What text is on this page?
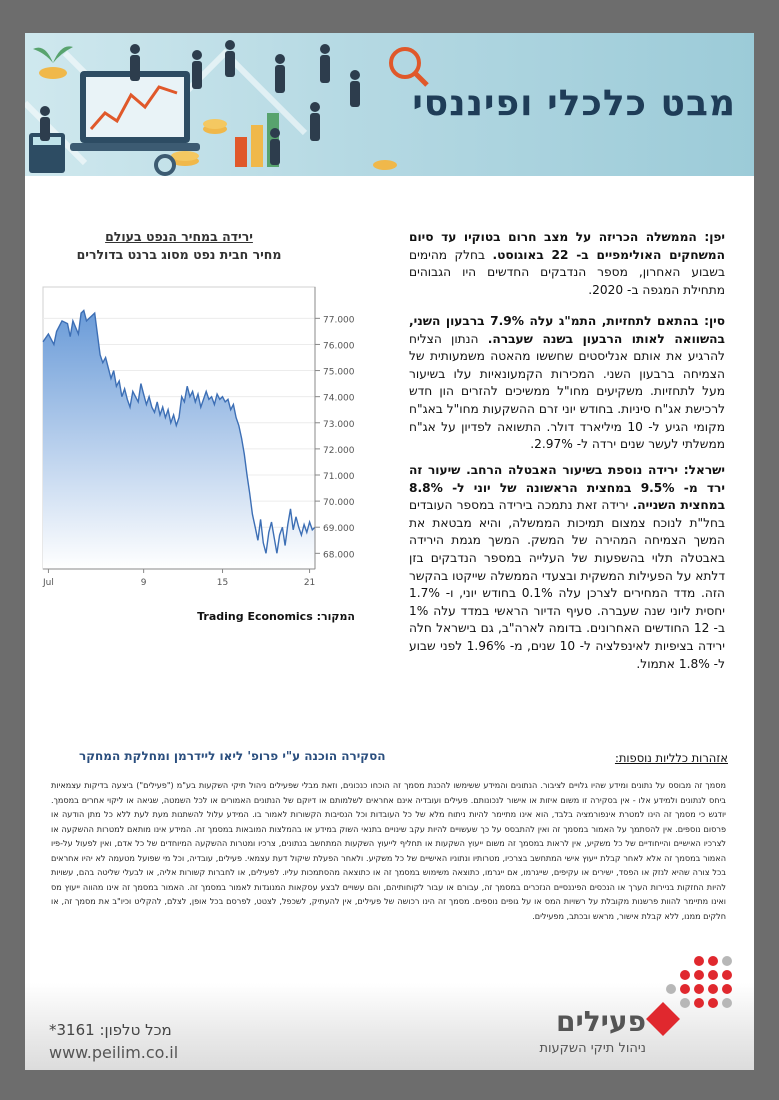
מבט כלכלי ופיננסי

יפן: הממשלה הכריזה על מצב חרום בטוקיו עד סיום המשחקים האולימפיים ב- 22 באוגוסט. בחלק מהימים בשבוע האחרון, מספר הנדבקים החדשים היו הגבוהים מתחילת המגפה ב- 2020.

סין: בהתאם לתחזיות, התמ"ג עלה 7.9% ברבעון השני, בהשוואה לאותו הרבעון בשנה שעברה. הנתון הצליח להרגיע את אותם אנליסטים שחששו מהאטה משמעותית של הצמיחה ברבעון השני. המכירות הקמעונאיות עלו בשיעור מעל לתחזיות. משקיעים מחו"ל ממשיכים להזרים הון חדש לרכישת אג"ח סיניות. בחודש יוני זרם ההשקעות מחו"ל באג"ח מקומי הגיע ל- 10 מיליארד דולר. התשואה לפדיון על אג"ח ממשלתי לעשר שנים ירדה ל- 2.97%.

ישראל: ירידה נוספת בשיעור האבטלה הרחב. שיעור זה ירד מ- 9.5% במחצית הראשונה של יוני ל- 8.8% במחצית השנייה. ירידה זאת נתמכה בירידה במספר העובדים בחל"ת לנוכח צמצום תמיכות הממשלה, והיא מבטאת את המשך הצמיחה המהירה של המשק. המשך מגמת הירידה באבטלה תלוי בהשפעות של העלייה במספר הנדבקים בזן דלתא על הפעילות המשקית ובצעדי הממשלה שייקטו בהקשר הזה. מדד המחירים לצרכן עלה 0.1% בחודש יוני, ו- 1.7% יחסית ליוני שנה שעברה. סעיף הדיור הראשי במדד עלה 1% ב- 12 החודשים האחרונים. בדומה לארה"ב, גם בישראל חלה ירידה בציפיות לאינפלציה ל- 10 שנים, מ- 1.96% לפני שבוע ל- 1.8% אתמול.

ירידה במחיר הנפט בעולם
מחיר חבית נפט מסוג ברנט בדולרים
77.000
76.000
75.000
74.000
73.000
72.000
71.000
70.000
69.000
68.000
Jul	9	15	21
המקור: Trading Economics
אזהרות כלליות נוספות:
הסקירה הוכנה ע"י פרופ' ליאו ליידרמן ומחלקת המחקר
מסמך זה מבוסס על נתונים ומידע שהיו גלויים לציבור. הנתונים והמידע ששימשו להכנת מסמך זה הוכחו כנכונים, וזאת מבלי שפעילים ניהול תיקי השקעות בע"מ ("פעילים") ביצעה בדיקות עצמאיות ביחס לנתונים ולמידע אלו - אין בסקירה זו משום איזות או אישור לנכונותם. פעילים ועובדיה אינם אחראים לשלמותם או דיוקם של הנתונים האמורים או לכל השמטה, שגיאה או ליקוי אחרים במסמך. יודגש כי מסמך זה הינו למטרת אינפורמציה בלבד, הוא אינו מתיימר להיות ניתוח מלא של כל העובדות וכל הנסיבות הקשורות לאמור בו. המידע עלול להשתנות מעת לעת ללא כל מתן הודעה או פרסום נוספים. אין להסתמך על האמור במסמך זה ואין להתבסס על כך שעשויים להיות עקב שינויים בתנאי השוק במידע או בהמלצות המובאות במסמך זה. המידע אינו מותאם למטרות ההשקעה או לצרכיו האישיים והייחודיים של כל משקיע, אין לראות במסמך זה משום ייעוץ השקעות או תחליף לייעוץ השקעות המתחשב בנתונים, צרכיו ומטרות ההשקעה המיוחדים של כל אדם, ואין לפעול על-פיו האמור במסמך זה אלא לאחר קבלת ייעוץ אישי המתחשב בצרכיו, מטרותיו ונתוניו האישיים של כל משקיע. ולאחר הפעלת שיקול דעת עצמאי. פעילים, עובדיה, וכל מי שפועל מטעמה לא יהיו אחראים בכל צורה שהיא לנזק או הפסד, ישירים או עקיפים, שייגרמו, אם ייגרמו, כתוצאה משימוש במסמך זה או כתוצאה מהסתמכות עליו. לפעילים, או לחברות קשורות אליה, או לבעלי שליטה בהם, עשויות להיות החזקות בניירות הערך או הנכסים הפיננסיים הנזכרים במסמך זה, עבורם או עבור לקוחותיהם, והם עשויים לבצע עסקאות המנוגדות לאמור במסמך זה. האמור במסמך זה אינו מהווה ייעוץ מס ואינו מתיימר להוות פרשנות מקובלת על רשויות המס או על גופים נוספים. מסמך זה הינו רכושה של פעילים, אין להעתיק, לשכפל, לצטט, לפרסם בכל אופן, לצלם, להקליט וכיו"ב את מסמך זה, או חלקים ממנו, ללא קבלת אישור, מראש ובכתב, מפעילים.
פעילים
ניהול תיקי השקעות
מכל טלפון: 3161*
www.peilim.co.il
